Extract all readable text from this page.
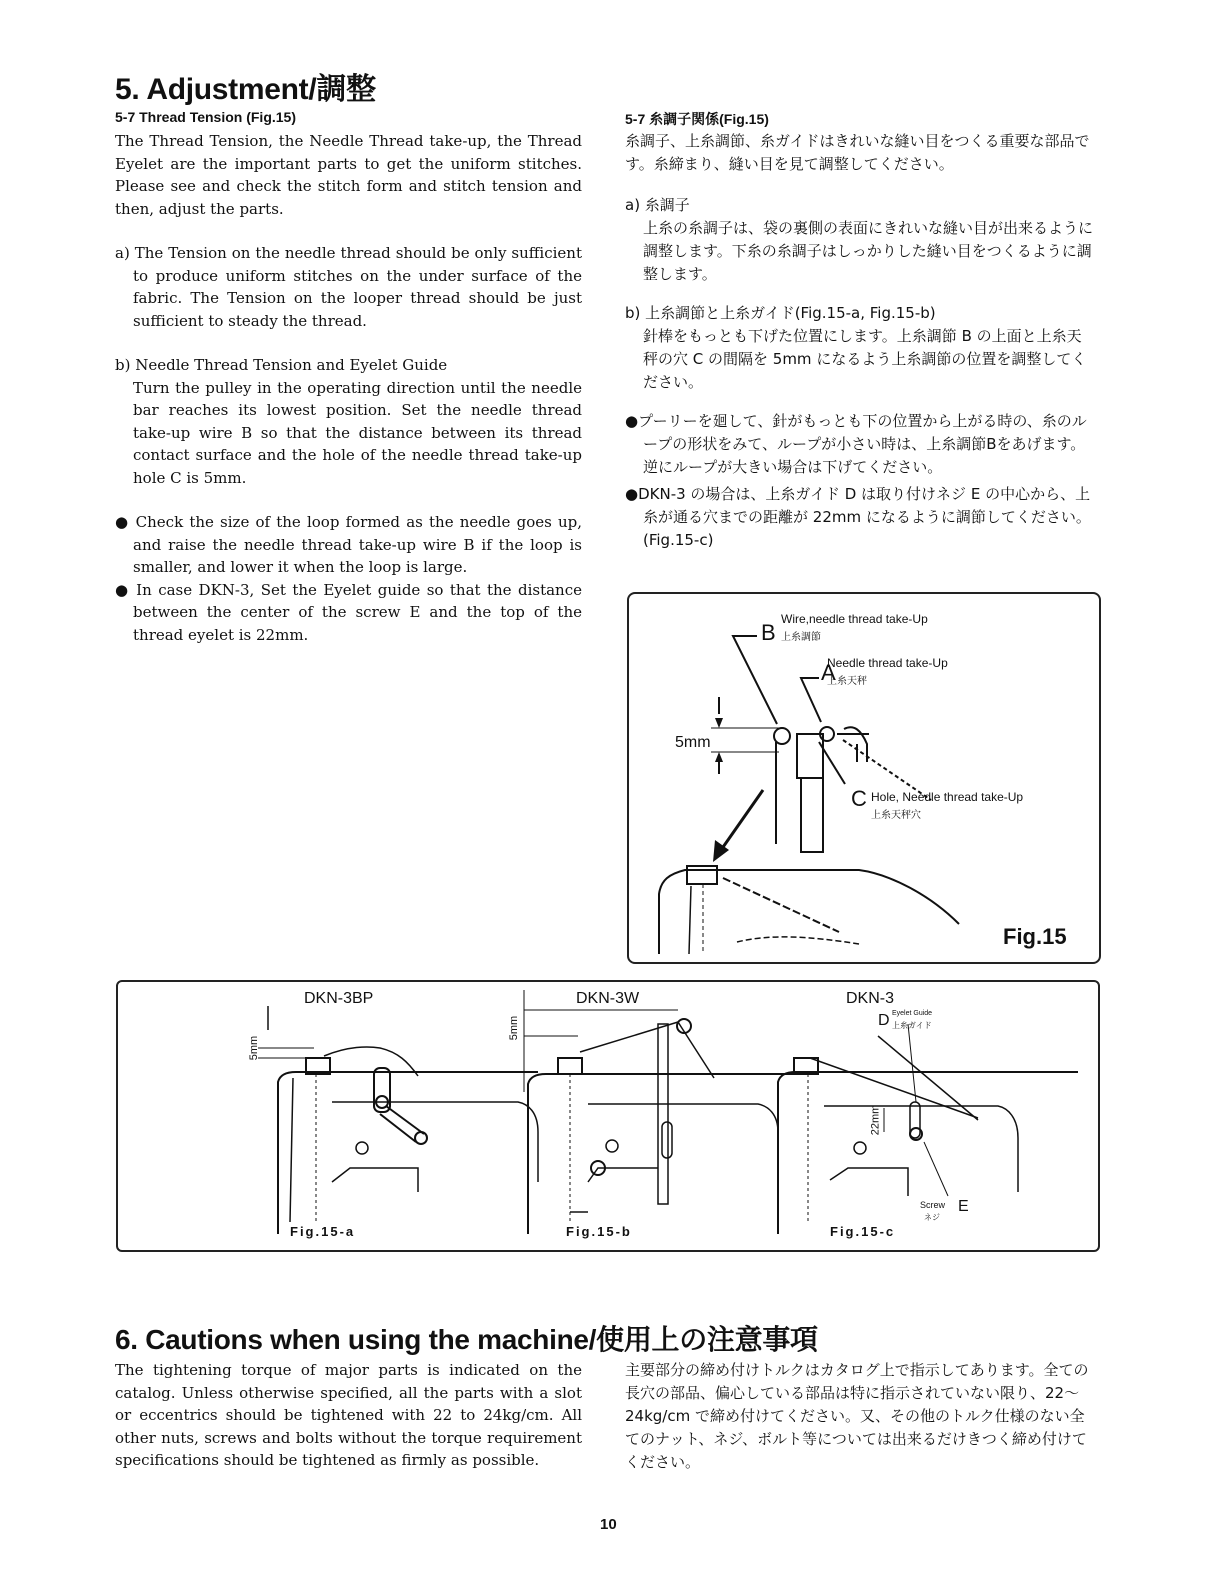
5. Adjustment/調整
5-7 Thread Tension (Fig.15)

The Thread Tension, the Needle Thread take-up, the Thread Eyelet are the important parts to get the uniform stitches. Please see and check the stitch form and stitch tension and then, adjust the parts.

a) The Tension on the needle thread should be only sufficient to produce uniform stitches on the under surface of the fabric. The Tension on the looper thread should be just sufficient to steady the thread.

b) Needle Thread Tension and Eyelet Guide

Turn the pulley in the operating direction until the needle bar reaches its lowest position. Set the needle thread take-up wire B so that the distance between its thread contact surface and the hole of the needle thread take-up hole C is 5mm.

● Check the size of the loop formed as the needle goes up, and raise the needle thread take-up wire B if the loop is smaller, and lower it when the loop is large.

● In case DKN-3, Set the Eyelet guide so that the distance between the center of the screw E and the top of the thread eyelet is 22mm.

5-7 糸調子関係(Fig.15)

糸調子、上糸調節、糸ガイドはきれいな縫い目をつくる重要な部品です。糸締まり、縫い目を見て調整してください。

a) 糸調子

上糸の糸調子は、袋の裏側の表面にきれいな縫い目が出来るように調整します。下糸の糸調子はしっかりした縫い目をつくるように調整します。

b) 上糸調節と上糸ガイド(Fig.15-a, Fig.15-b)

針棒をもっとも下げた位置にします。上糸調節 B の上面と上糸天秤の穴 C の間隔を 5mm になるよう上糸調節の位置を調整してください。

●プーリーを廻して、針がもっとも下の位置から上がる時の、糸のループの形状をみて、ループが小さい時は、上糸調節Bをあげます。逆にループが大きい場合は下げてください。

●DKN-3 の場合は、上糸ガイド D は取り付けネジ E の中心から、上糸が通る穴までの距離が 22mm になるように調節してください。(Fig.15-c)

B
Wire,needle thread take-Up
上糸調節
A
Needle thread take-Up
上糸天秤
5mm
C Hole, Needle thread take-Up
上糸天秤穴
Fig.15
DKN-3BP
5mm
Fig.15-a
DKN-3W
5mm
Fig.15-b
DKN-3
D Eyelet Guide
上糸ガイド
22mm
E
Screw
ネジ
Fig.15-c
6. Cautions when using the machine/使用上の注意事項

The tightening torque of major parts is indicated on the catalog. Unless otherwise specified, all the parts with a slot or eccentrics should be tightened with 22 to 24kg/cm. All other nuts, screws and bolts without the torque requirement specifications should be tightened as firmly as possible.

主要部分の締め付けトルクはカタログ上で指示してあります。全ての長穴の部品、偏心している部品は特に指示されていない限り、22〜24kg/cm で締め付けてください。又、その他のトルク仕様のない全てのナット、ネジ、ボルト等については出来るだけきつく締め付けてください。

10
